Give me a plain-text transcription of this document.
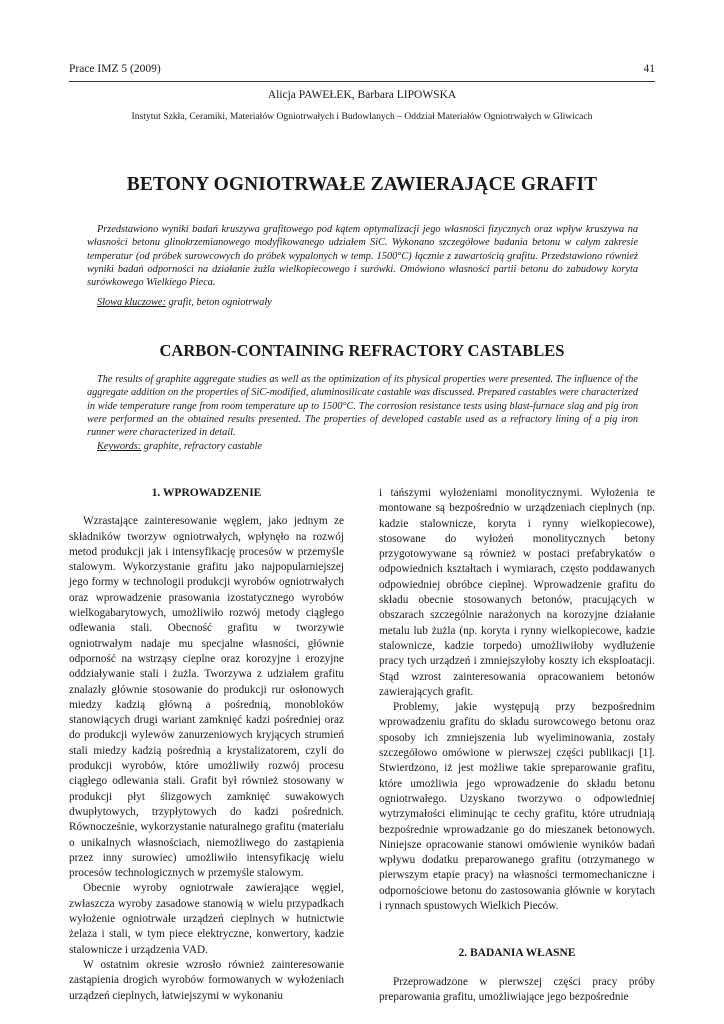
Prace IMZ 5 (2009)	41
Alicja PAWEŁEK, Barbara LIPOWSKA
Instytut Szkła, Ceramiki, Materiałów Ogniotrwałych i Budowlanych – Oddział Materiałów Ogniotrwałych w Gliwicach
BETONY OGNIOTRWAŁE ZAWIERAJĄCE GRAFIT

Przedstawiono wyniki badań kruszywa grafitowego pod kątem optymalizacji jego własności fizycznych oraz wpływ kruszywa na własności betonu glinokrzemianowego modyfikowanego udziałem SiC. Wykonano szczegółowe badania betonu w całym zakresie temperatur (od próbek surowcowych do próbek wypalonych w temp. 1500°C) łącznie z zawartością grafitu. Przedstawiono również wyniki badań odporności na działanie żużla wielkopiecowego i surówki. Omówiono własności partii betonu do zabudowy koryta surówkowego Wielkiego Pieca.

Słowa kluczowe: grafit, beton ogniotrwały
CARBON-CONTAINING REFRACTORY CASTABLES

The results of graphite aggregate studies as well as the optimization of its physical properties were presented. The influence of the aggregate addition on the properties of SiC-modified, aluminosilicate castable was discussed. Prepared castables were characterized in wide temperature range from room temperature up to 1500°C. The corrosion resistance tests using blast-furnace slag and pig iron were performed an the obtained results presented. The properties of developed castable used as a refractory lining of a pig iron runner were characterized in detail.

Keywords: graphite, refractory castable
1. WPROWADZENIE

Wzrastające zainteresowanie węglem, jako jednym ze składników tworzyw ogniotrwałych, wpłynęło na rozwój metod produkcji jak i intensyfikację procesów w przemyśle stalowym. Wykorzystanie grafitu jako najpopularniejszej jego formy w technologii produkcji wyrobów ogniotrwałych oraz wprowadzenie prasowania izostatycznego wyrobów wielkogabarytowych, umożliwiło rozwój metody ciągłego odlewania stali. Obecność grafitu w tworzywie ogniotrwałym nadaje mu specjalne własności, głównie odporność na wstrząsy cieplne oraz korozyjne i erozyjne oddziaływanie stali i żużla. Tworzywa z udziałem grafitu znalazły głównie stosowanie do produkcji rur osłonowych miedzy kadzią główną a pośrednią, monobloków stanowiących drugi wariant zamknięć kadzi pośredniej oraz do produkcji wylewów zanurzeniowych kryjących strumień stali miedzy kadzią pośrednią a krystalizatorem, czyli do produkcji wyrobów, które umożliwiły rozwój procesu ciągłego odlewania stali. Grafit był również stosowany w produkcji płyt ślizgowych zamknięć suwakowych dwupłytowych, trzypłytowych do kadzi pośrednich. Równocześnie, wykorzystanie naturalnego grafitu (materiału o unikalnych własnościach, niemożliwego do zastąpienia przez inny surowiec) umożliwiło intensyfikację wielu procesów technologicznych w przemyśle stalowym.

Obecnie wyroby ogniotrwałe zawierające węgiel, zwłaszcza wyroby zasadowe stanowią w wielu przypadkach wyłożenie ogniotrwałe urządzeń cieplnych w hutnictwie żelaza i stali, w tym piece elektryczne, konwertory, kadzie stalownicze i urządzenia VAD.

W ostatnim okresie wzrosło również zainteresowanie zastąpienia drogich wyrobów formowanych w wyłożeniach urządzeń cieplnych, łatwiejszymi w wykonaniu

i tańszymi wyłożeniami monolitycznymi. Wyłożenia te montowane są bezpośrednio w urządzeniach cieplnych (np. kadzie stalownicze, koryta i rynny wielkopiecowe), stosowane do wyłożeń monolitycznych betony przygotowywane są również w postaci prefabrykatów o odpowiednich kształtach i wymiarach, często poddawanych odpowiedniej obróbce cieplnej. Wprowadzenie grafitu do składu obecnie stosowanych betonów, pracujących w obszarach szczególnie narażonych na korozyjne działanie metalu lub żużla (np. koryta i rynny wielkopiecowe, kadzie stalownicze, kadzie torpedo) umożliwiłoby wydłużenie pracy tych urządzeń i zmniejszyłoby koszty ich eksploatacji. Stąd wzrost zainteresowania opracowaniem betonów zawierających grafit.

Problemy, jakie występują przy bezpośrednim wprowadzeniu grafitu do składu surowcowego betonu oraz sposoby ich zmniejszenia lub wyeliminowania, zostały szczegółowo omówione w pierwszej części publikacji [1]. Stwierdzono, iż jest możliwe takie spreparowanie grafitu, które umożliwia jego wprowadzenie do składu betonu ogniotrwałego. Uzyskano tworzywo o odpowiedniej wytrzymałości eliminując te cechy grafitu, które utrudniają bezpośrednie wprowadzanie go do mieszanek betonowych. Niniejsze opracowanie stanowi omówienie wyników badań wpływu dodatku preparowanego grafitu (otrzymanego w pierwszym etapie pracy) na własności termomechaniczne i odpornościowe betonu do zastosowania głównie w korytach i rynnach spustowych Wielkich Pieców.

2. BADANIA WŁASNE

Przeprowadzone w pierwszej części pracy próby preparowania grafitu, umożliwiające jego bezpośrednie
